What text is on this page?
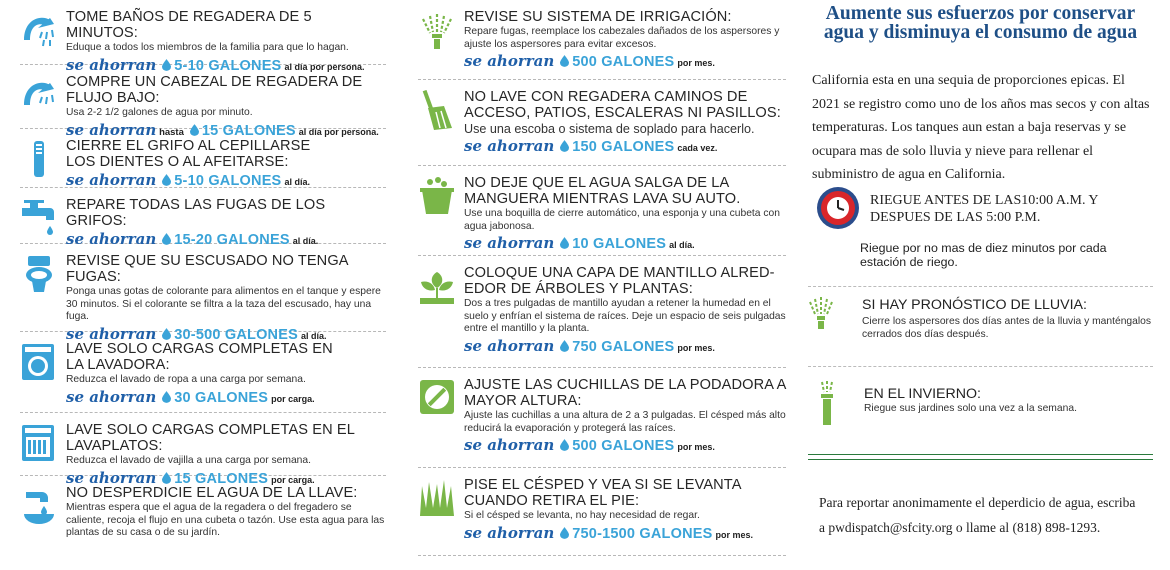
TOME BAÑOS DE REGADERA DE 5 MINUTOS:
Eduque a todos los miembros de la familia para que lo hagan.
se ahorran 5-10 GALONES al día por persona.
COMPRE UN CABEZAL DE REGADERA DE FLUJO BAJO:
Usa 2-2 1/2 galones de agua por minuto.
se ahorran hasta 15 GALONES al día por persona.
CIERRE EL GRIFO AL CEPILLARSE
LOS DIENTES O AL AFEITARSE:
se ahorran 5-10 GALONES al día.
REPARE TODAS LAS FUGAS DE LOS GRIFOS:
se ahorran 15-20 GALONES al día.
REVISE QUE SU ESCUSADO NO TENGA FUGAS:
Ponga unas gotas de colorante para alimentos en el tanque y espere 30 minutos. Si el colorante se filtra a la taza del escusado, hay una fuga.
se ahorran 30-500 GALONES al día.
LAVE SOLO CARGAS COMPLETAS EN
LA LAVADORA:
Reduzca el lavado de ropa a una carga por semana.
se ahorran 30 GALONES por carga.
LAVE SOLO CARGAS COMPLETAS EN EL LAVAPLATOS:
Reduzca el lavado de vajilla a una carga por semana.
se ahorran 15 GALONES por carga.
NO DESPERDICIE EL AGUA DE LA LLAVE:
Mientras espera que el agua de la regadera o del fregadero se caliente, recoja el flujo en una cubeta o tazón. Use esta agua para las plantas de su casa o de su jardín.
REVISE SU SISTEMA DE IRRIGACIÓN:
Repare fugas, reemplace los cabezales dañados de los aspersores y ajuste los aspersores para evitar excesos.
se ahorran 500 GALONES por mes.
NO LAVE CON REGADERA CAMINOS DE ACCESO, PATIOS, ESCALERAS NI PASILLOS:
Use una escoba o sistema de soplado para hacerlo.
se ahorran 150 GALONES cada vez.
NO DEJE QUE EL AGUA SALGA DE LA MANGUERA MIENTRAS LAVA SU AUTO.
Use una boquilla de cierre automático, una esponja y una cubeta con agua jabonosa.
se ahorran 10 GALONES al día.
COLOQUE UNA CAPA DE MANTILLO ALRED-EDOR DE ÁRBOLES Y PLANTAS:
Dos a tres pulgadas de mantillo ayudan a retener la humedad en el suelo y enfrían el sistema de raíces. Deje un espacio de seis pulgadas entre el mantillo y la planta.
se ahorran 750 GALONES por mes.
AJUSTE LAS CUCHILLAS DE LA PODADORA A MAYOR ALTURA:
Ajuste las cuchillas a una altura de 2 a 3 pulgadas. El césped más alto reducirá la evaporación y protegerá las raíces.
se ahorran 500 GALONES por mes.
PISE EL CÉSPED Y VEA SI SE LEVANTA CUANDO RETIRA EL PIE:
Si el césped se levanta, no hay necesidad de regar.
se ahorran 750-1500 GALONES por mes.
Aumente sus esfuerzos por conservar agua y disminuya el consumo de agua

California esta en una sequia de proporciones epicas. El 2021 se registro como uno de los años mas secos y con altas temperaturas. Los tanques aun estan a baja reservas y se ocupara mas de solo lluvia y nieve para rellenar el subministro de agua en California.

RIEGUE ANTES DE LAS10:00 A.M. Y DESPUES DE LAS 5:00 P.M.
Riegue por no mas de diez minutos por cada estación de riego.
SI HAY PRONÓSTICO DE LLUVIA:
Cierre los aspersores dos días antes de la lluvia y manténgalos cerrados dos días después.
EN EL INVIERNO:
Riegue sus jardines solo una vez a la semana.
Para reportar anonimamente el deperdicio de agua, escriba a pwdispatch@sfcity.org o llame al (818) 898-1293.
